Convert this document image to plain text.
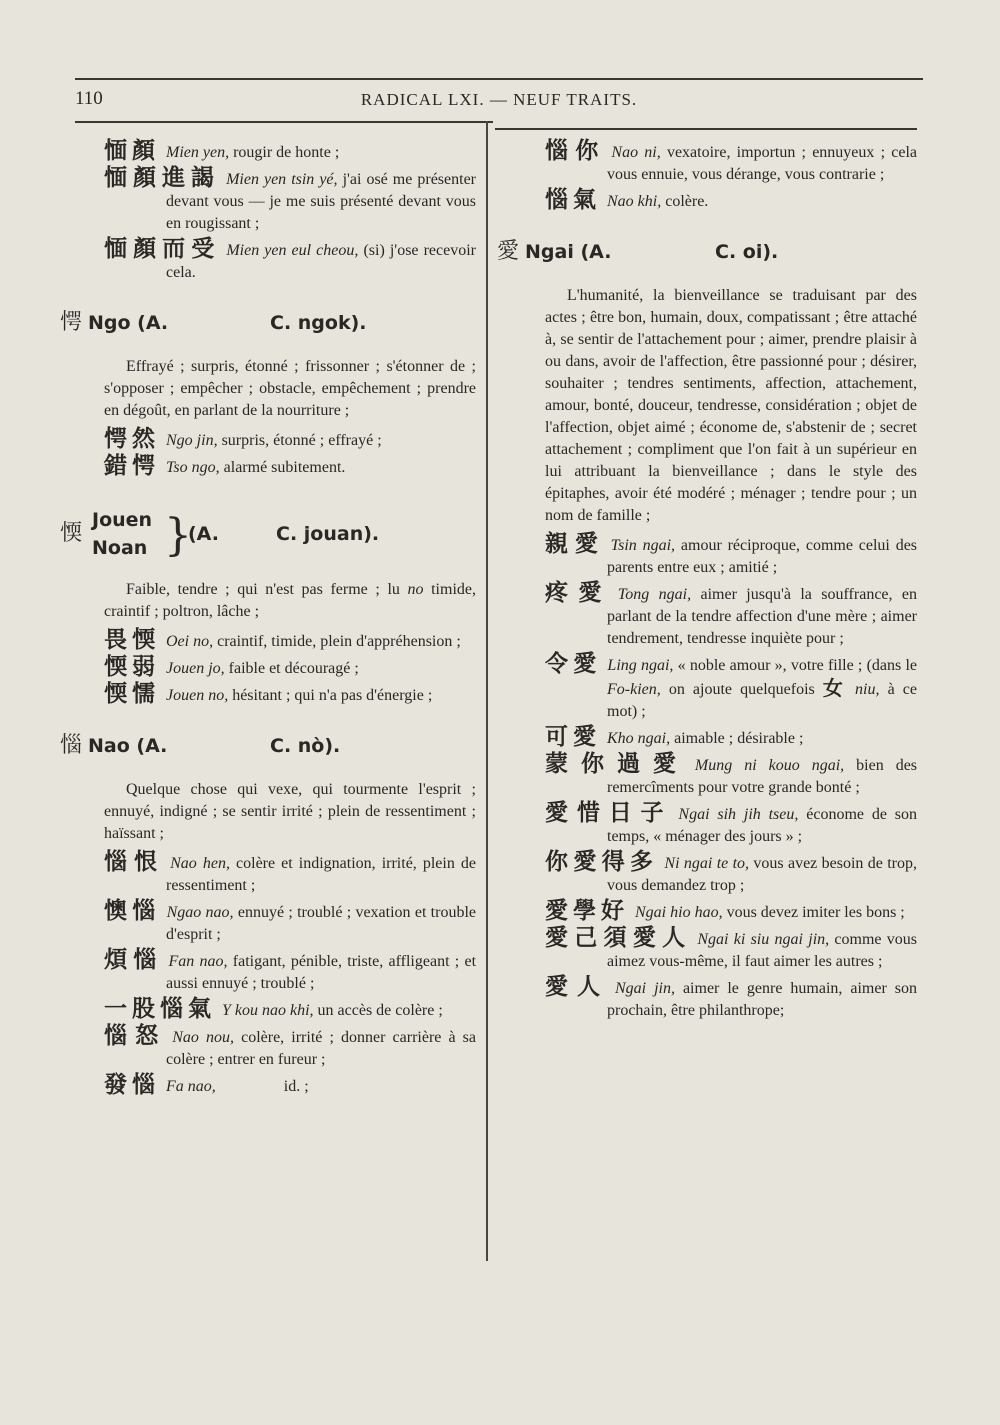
110	RADICAL LXI. — NEUF TRAITS.

愐顏 Mien yen, rougir de honte ;

愐顏進謁 Mien yen tsin yé, j'ai osé me présenter devant vous — je me suis présenté devant vous en rougissant ;

愐顏而受 Mien yen eul cheou, (si) j'ose recevoir cela.

愕 Ngo (A.	C. ngok).

Effrayé ; surpris, étonné ; frissonner ; s'étonner de ; s'opposer ; empêcher ; obstacle, empêchement ; prendre en dégoût, en parlant de la nourriture ;

愕然 Ngo jin, surpris, étonné ; effrayé ;

錯愕 Tso ngo, alarmé subitement.

愞
Jouen
Noan }
(A.	C. jouan).

Faible, tendre ; qui n'est pas ferme ; lu no timide, craintif ; poltron, lâche ;

畏愞 Oei no, craintif, timide, plein d'appréhension ;

愞弱 Jouen jo, faible et découragé ;

愞懦 Jouen no, hésitant ; qui n'a pas d'énergie ;

惱 Nao (A.	C. nò).

Quelque chose qui vexe, qui tourmente l'esprit ; ennuyé, indigné ; se sentir irrité ; plein de ressentiment ; haïssant ;

惱恨 Nao hen, colère et indignation, irrité, plein de ressentiment ;

懊惱 Ngao nao, ennuyé ; troublé ; vexation et trouble d'esprit ;

煩惱 Fan nao, fatigant, pénible, triste, affligeant ; et aussi ennuyé ; troublé ;

一股惱氣 Y kou nao khi, un accès de colère ;

惱怒 Nao nou, colère, irrité ; donner carrière à sa colère ; entrer en fureur ;

發惱 Fa nao,                 id. ;

惱你 Nao ni, vexatoire, importun ; ennuyeux ; cela vous ennuie, vous dérange, vous contrarie ;

惱氣 Nao khi, colère.

愛 Ngai (A.	C. oi).

L'humanité, la bienveillance se traduisant par des actes ; être bon, humain, doux, compatissant ; être attaché à, se sentir de l'attachement pour ; aimer, prendre plaisir à ou dans, avoir de l'affection, être passionné pour ; désirer, souhaiter ; tendres sentiments, affection, attachement, amour, bonté, douceur, tendresse, considération ; objet de l'affection, objet aimé ; économe de, s'abstenir de ; secret attachement ; compliment que l'on fait à un supérieur en lui attribuant la bienveillance ; dans le style des épitaphes, avoir été modéré ; ménager ; tendre pour ; un nom de famille ;

親愛 Tsin ngai, amour réciproque, comme celui des parents entre eux ; amitié ;

疼愛 Tong ngai, aimer jusqu'à la souffrance, en parlant de la tendre affection d'une mère ; aimer tendrement, tendresse inquiète pour ;

令愛 Ling ngai, « noble amour », votre fille ; (dans le Fo-kien, on ajoute quelquefois 女 niu, à ce mot) ;

可愛 Kho ngai, aimable ; désirable ;

蒙你過愛 Mung ni kouo ngai, bien des remercîments pour votre grande bonté ;

愛惜日子 Ngai sih jih tseu, économe de son temps, « ménager des jours » ;

你愛得多 Ni ngai te to, vous avez besoin de trop, vous demandez trop ;

愛學好 Ngai hio hao, vous devez imiter les bons ;

愛己須愛人 Ngai ki siu ngai jin, comme vous aimez vous-même, il faut aimer les autres ;

愛人 Ngai jin, aimer le genre humain, aimer son prochain, être philanthrope;
